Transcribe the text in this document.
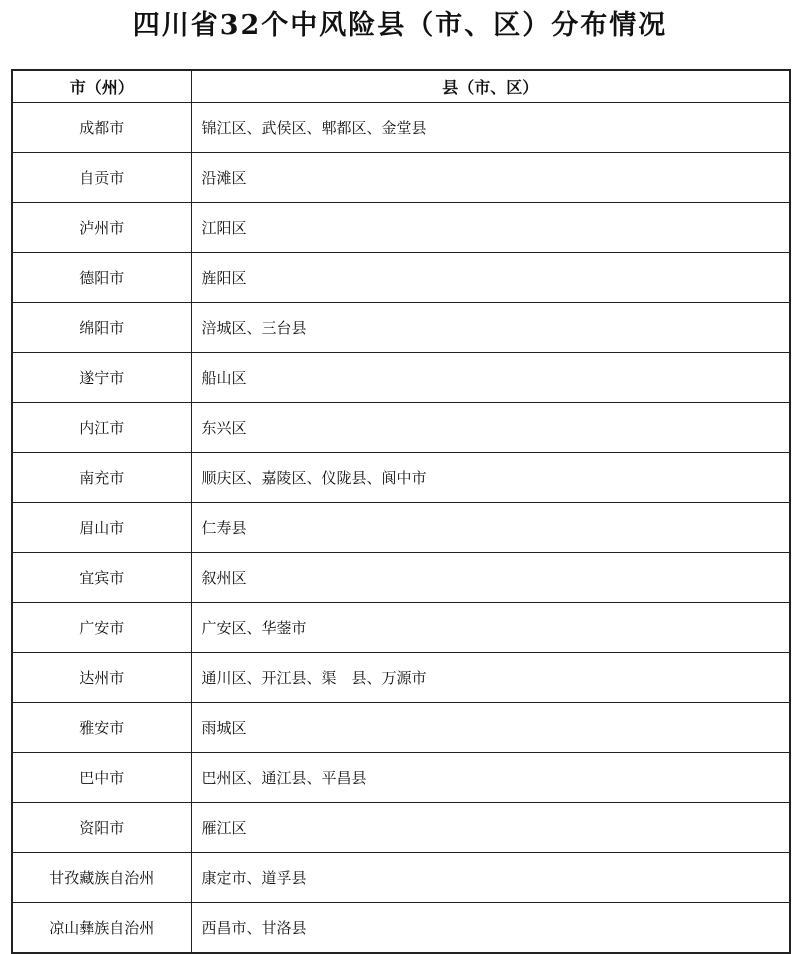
四川省32个中风险县（市、区）分布情况
市（州）	县（市、区）
成都市	锦江区、武侯区、郫都区、金堂县
自贡市	沿滩区
泸州市	江阳区
德阳市	旌阳区
绵阳市	涪城区、三台县
遂宁市	船山区
内江市	东兴区
南充市	顺庆区、嘉陵区、仪陇县、阆中市
眉山市	仁寿县
宜宾市	叙州区
广安市	广安区、华蓥市
达州市	通川区、开江县、渠　县、万源市
雅安市	雨城区
巴中市	巴州区、通江县、平昌县
资阳市	雁江区
甘孜藏族自治州	康定市、道孚县
凉山彝族自治州	西昌市、甘洛县
